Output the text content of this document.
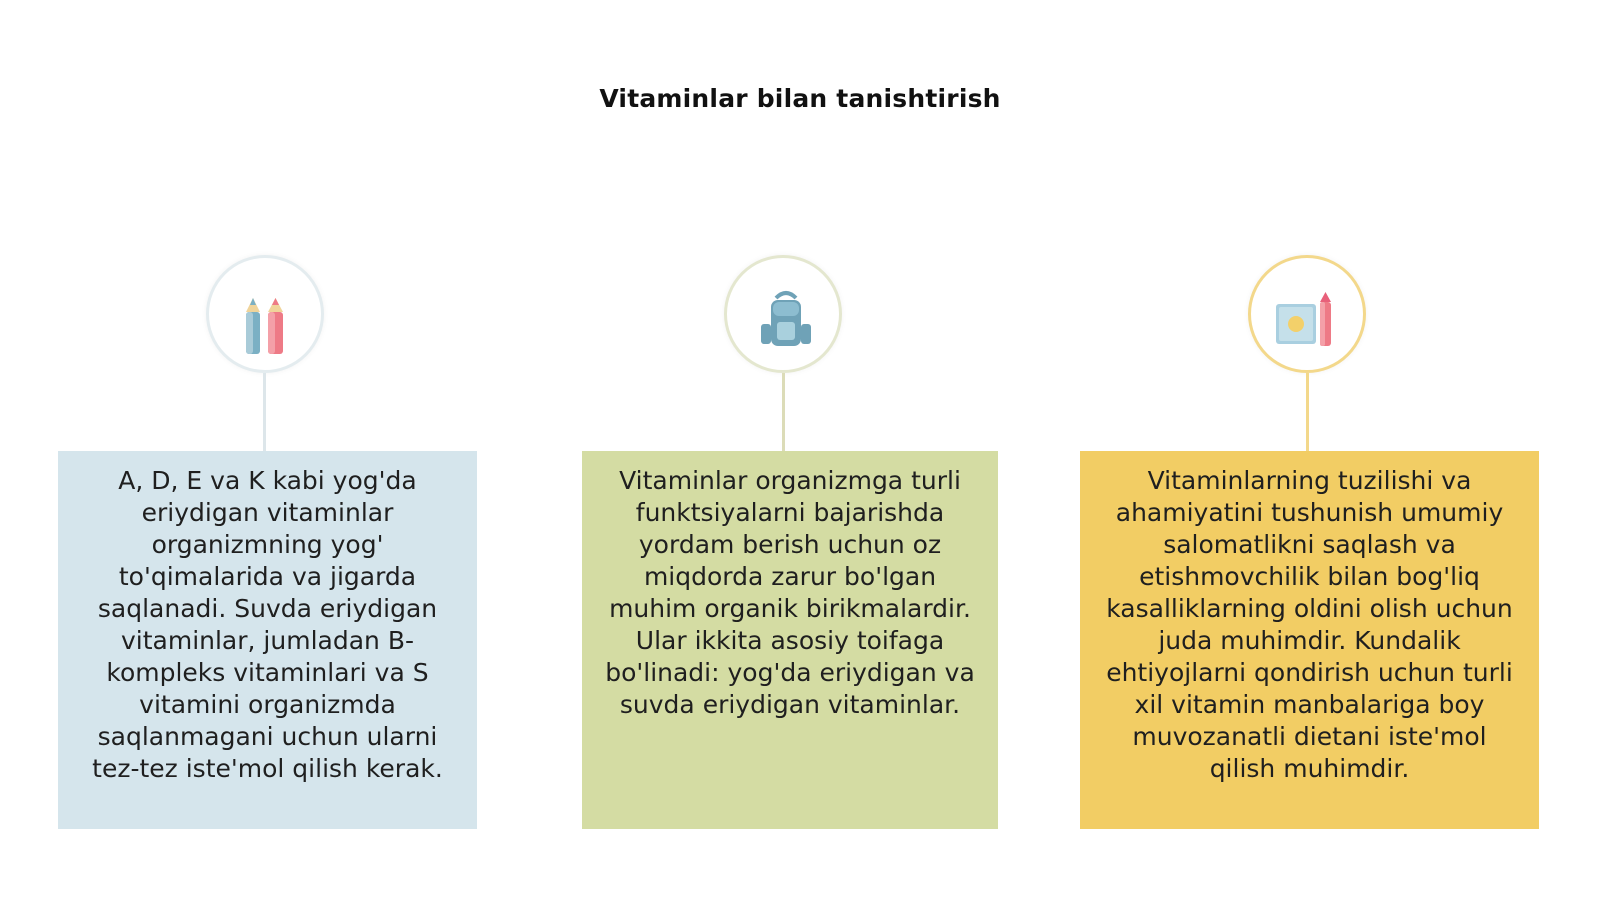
Vitaminlar bilan tanishtirish
A, D, E va K kabi yog'da eriydigan vitaminlar organizmning yog' to'qimalarida va jigarda saqlanadi. Suvda eriydigan vitaminlar, jumladan B-kompleks vitaminlari va S vitamini organizmda saqlanmagani uchun ularni tez-tez iste'mol qilish kerak.
Vitaminlar organizmga turli funktsiyalarni bajarishda yordam berish uchun oz miqdorda zarur bo'lgan muhim organik birikmalardir. Ular ikkita asosiy toifaga bo'linadi: yog'da eriydigan va suvda eriydigan vitaminlar.
Vitaminlarning tuzilishi va ahamiyatini tushunish umumiy salomatlikni saqlash va etishmovchilik bilan bog'liq kasalliklarning oldini olish uchun juda muhimdir. Kundalik ehtiyojlarni qondirish uchun turli xil vitamin manbalariga boy muvozanatli dietani iste'mol qilish muhimdir.
